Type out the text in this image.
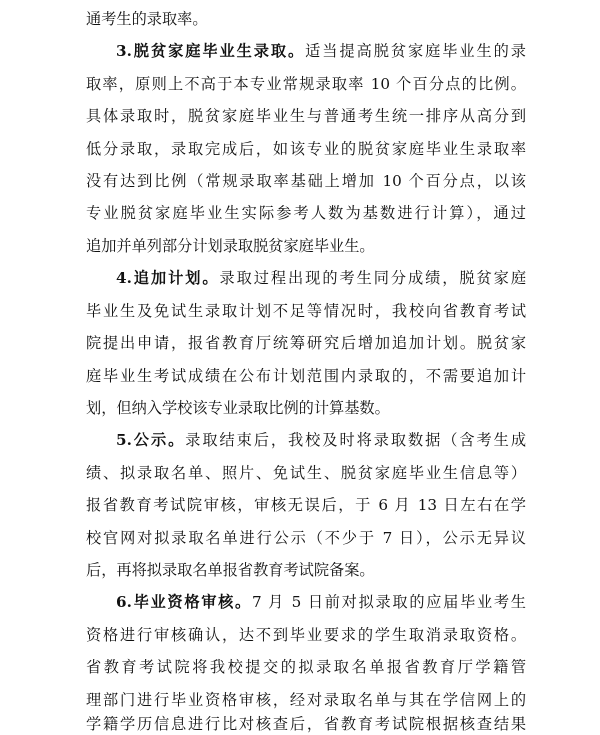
通考生的录取率。
3.脱贫家庭毕业生录取。适当提高脱贫家庭毕业生的录
取率，原则上不高于本专业常规录取率 10 个百分点的比例。
具体录取时，脱贫家庭毕业生与普通考生统一排序从高分到
低分录取，录取完成后，如该专业的脱贫家庭毕业生录取率
没有达到比例（常规录取率基础上增加 10 个百分点，以该
专业脱贫家庭毕业生实际参考人数为基数进行计算），通过
追加并单列部分计划录取脱贫家庭毕业生。
4.追加计划。录取过程出现的考生同分成绩，脱贫家庭
毕业生及免试生录取计划不足等情况时，我校向省教育考试
院提出申请，报省教育厅统筹研究后增加追加计划。脱贫家
庭毕业生考试成绩在公布计划范围内录取的，不需要追加计
划，但纳入学校该专业录取比例的计算基数。
5.公示。录取结束后，我校及时将录取数据（含考生成
绩、拟录取名单、照片、免试生、脱贫家庭毕业生信息等）
报省教育考试院审核，审核无误后，于 6 月 13 日左右在学
校官网对拟录取名单进行公示（不少于 7 日），公示无异议
后，再将拟录取名单报省教育考试院备案。
6.毕业资格审核。7 月 5 日前对拟录取的应届毕业考生
资格进行审核确认，达不到毕业要求的学生取消录取资格。
省教育考试院将我校提交的拟录取名单报省教育厅学籍管
理部门进行毕业资格审核，经对录取名单与其在学信网上的
学籍学历信息进行比对核查后，省教育考试院根据核查结果
